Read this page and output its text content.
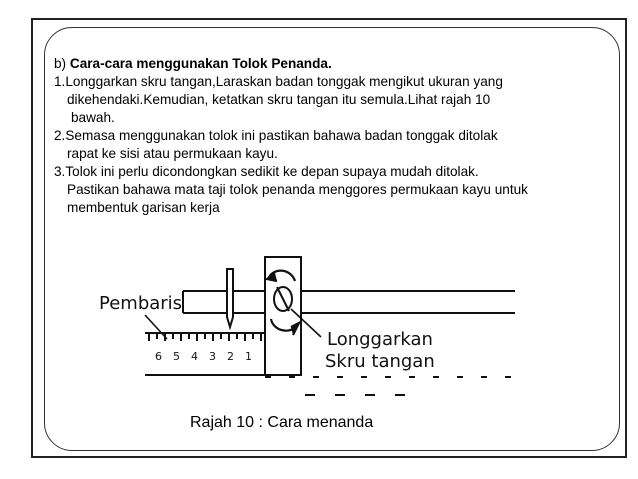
b) Cara-cara menggunakan Tolok Penanda.
1.Longgarkan skru tangan,Laraskan badan tonggak mengikut ukuran yang
dikehendaki.Kemudian, ketatkan skru tangan itu semula.Lihat rajah 10
bawah.
2.Semasa menggunakan tolok ini pastikan bahawa badan tonggak ditolak
rapat ke sisi atau permukaan kayu.
3.Tolok ini perlu dicondongkan sedikit ke depan supaya mudah ditolak.
Pastikan bahawa mata taji tolok penanda menggores permukaan kayu untuk
membentuk garisan kerja
6 5 4 3 2 1
Pembaris
Longgarkan
Skru tangan
Rajah 10 : Cara menanda
